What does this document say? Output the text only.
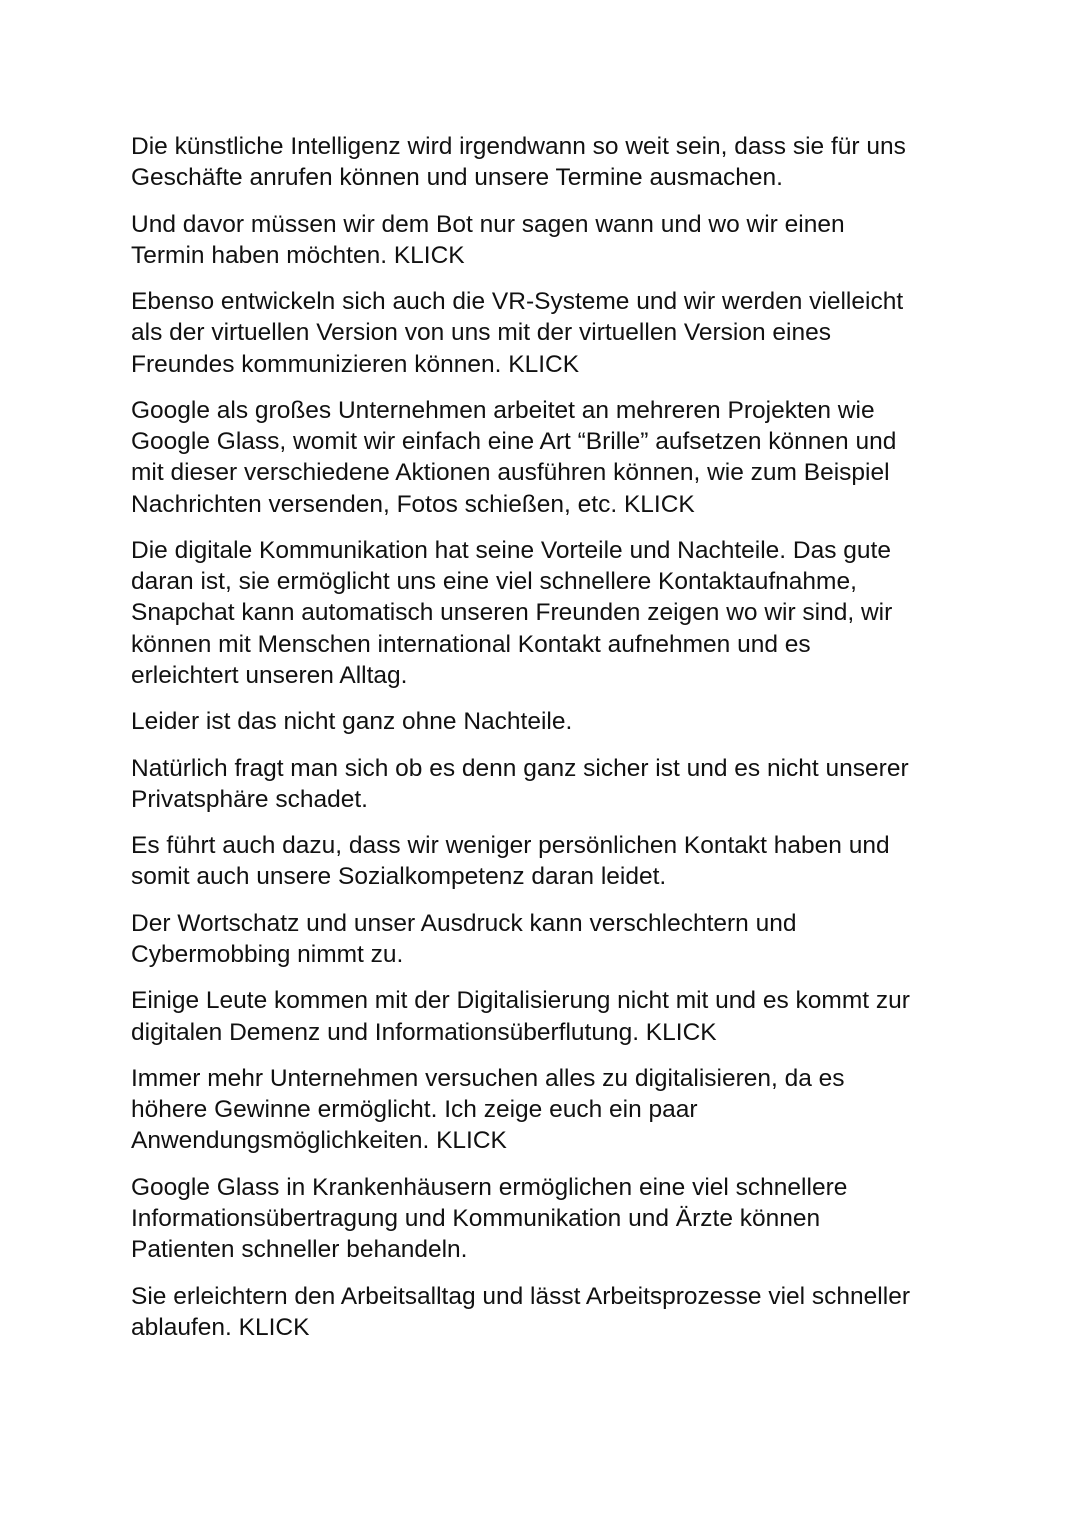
Die künstliche Intelligenz wird irgendwann so weit sein, dass sie für uns
Geschäfte anrufen können und unsere Termine ausmachen.

Und davor müssen wir dem Bot nur sagen wann und wo wir einen
Termin haben möchten. KLICK

Ebenso entwickeln sich auch die VR-Systeme und wir werden vielleicht
als der virtuellen Version von uns mit der virtuellen Version eines
Freundes kommunizieren können. KLICK

Google als großes Unternehmen arbeitet an mehreren Projekten wie
Google Glass, womit wir einfach eine Art “Brille” aufsetzen können und
mit dieser verschiedene Aktionen ausführen können, wie zum Beispiel
Nachrichten versenden, Fotos schießen, etc. KLICK

Die digitale Kommunikation hat seine Vorteile und Nachteile. Das gute
daran ist, sie ermöglicht uns eine viel schnellere Kontaktaufnahme,
Snapchat kann automatisch unseren Freunden zeigen wo wir sind, wir
können mit Menschen international Kontakt aufnehmen und es
erleichtert unseren Alltag.

Leider ist das nicht ganz ohne Nachteile.

Natürlich fragt man sich ob es denn ganz sicher ist und es nicht unserer
Privatsphäre schadet.

Es führt auch dazu, dass wir weniger persönlichen Kontakt haben und
somit auch unsere Sozialkompetenz daran leidet.

Der Wortschatz und unser Ausdruck kann verschlechtern und
Cybermobbing nimmt zu.

Einige Leute kommen mit der Digitalisierung nicht mit und es kommt zur
digitalen Demenz und Informationsüberflutung. KLICK

Immer mehr Unternehmen versuchen alles zu digitalisieren, da es
höhere Gewinne ermöglicht. Ich zeige euch ein paar
Anwendungsmöglichkeiten. KLICK

Google Glass in Krankenhäusern ermöglichen eine viel schnellere
Informationsübertragung und Kommunikation und Ärzte können
Patienten schneller behandeln.

Sie erleichtern den Arbeitsalltag und lässt Arbeitsprozesse viel schneller
ablaufen. KLICK
